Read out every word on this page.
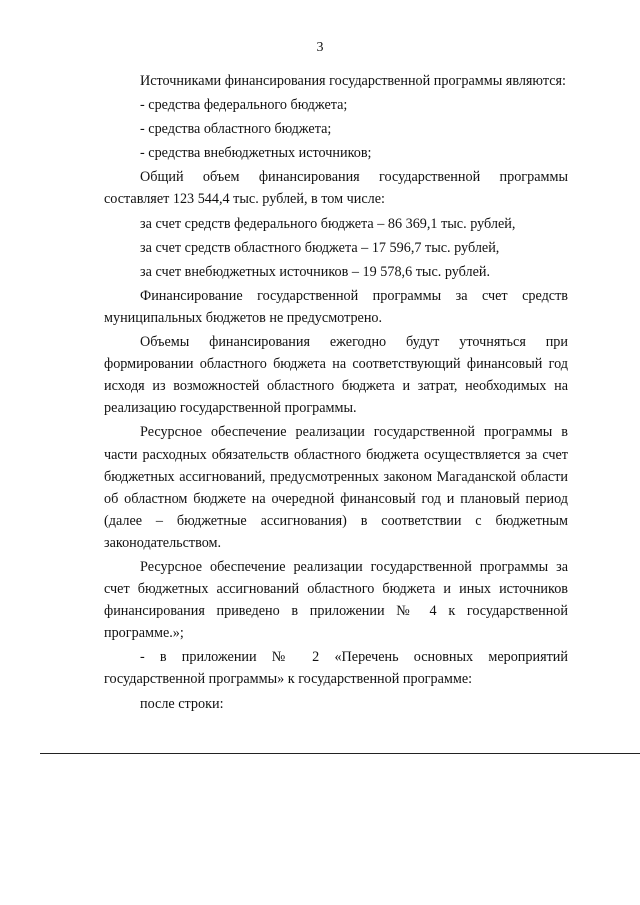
3

Источниками финансирования государственной программы являются:

- средства федерального бюджета;

- средства областного бюджета;

- средства внебюджетных источников;

Общий объем финансирования государственной программы составляет 123 544,4 тыс. рублей, в том числе:

за счет средств федерального бюджета – 86 369,1 тыс. рублей,

за счет средств областного бюджета – 17 596,7 тыс. рублей,

за счет внебюджетных источников – 19 578,6 тыс. рублей.

Финансирование государственной программы за счет средств муниципальных бюджетов не предусмотрено.

Объемы финансирования ежегодно будут уточняться при формировании областного бюджета на соответствующий финансовый год исходя из возможностей областного бюджета и затрат, необходимых на реализацию государственной программы.

Ресурсное обеспечение реализации государственной программы в части расходных обязательств областного бюджета осуществляется за счет бюджетных ассигнований, предусмотренных законом Магаданской области об областном бюджете на очередной финансовый год и плановый период (далее – бюджетные ассигнования) в соответствии с бюджетным законодательством.

Ресурсное обеспечение реализации государственной программы за счет бюджетных ассигнований областного бюджета и иных источников финансирования приведено в приложении № 4 к государственной программе.»;

- в приложении № 2 «Перечень основных мероприятий государственной программы» к государственной программе:

после строки:
